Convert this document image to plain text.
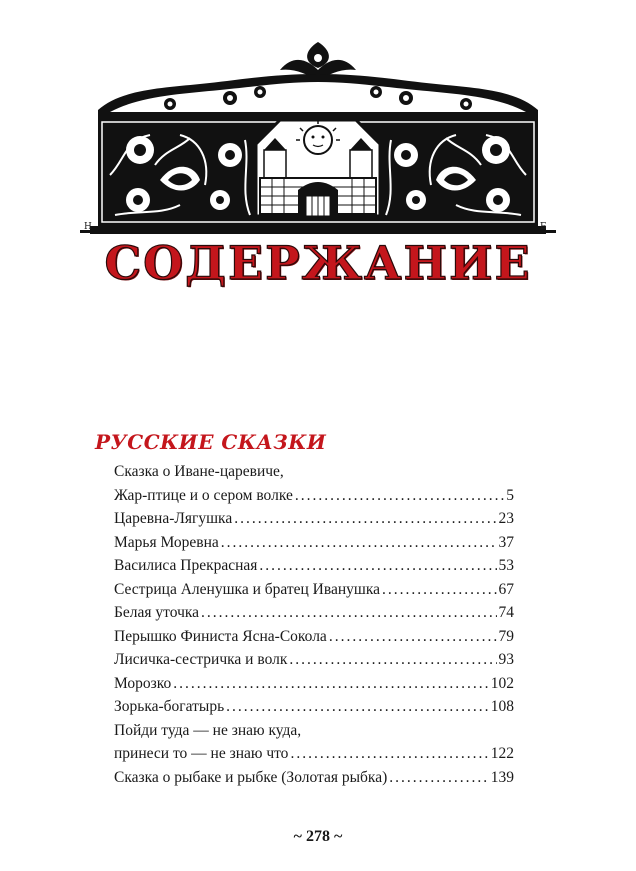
Н	Б
СОДЕРЖАНИЕ
РУССКИЕ СКАЗКИ
Сказка о Иване-царевиче,
Жар-птице и о сером волке .....	5
Царевна-Лягушка .....	23
Марья Моревна .....	37
Василиса Прекрасная .....	53
Сестрица Аленушка и братец Иванушка .....	67
Белая уточка .....	74
Перышко Финиста Ясна-Сокола .....	79
Лисичка-сестричка и волк .....	93
Морозко .....	102
Зорька-богатырь .....	108
Пойди туда — не знаю куда,
принеси то — не знаю что .....	122
Сказка о рыбаке и рыбке (Золотая рыбка) .....	139
~ 278 ~
